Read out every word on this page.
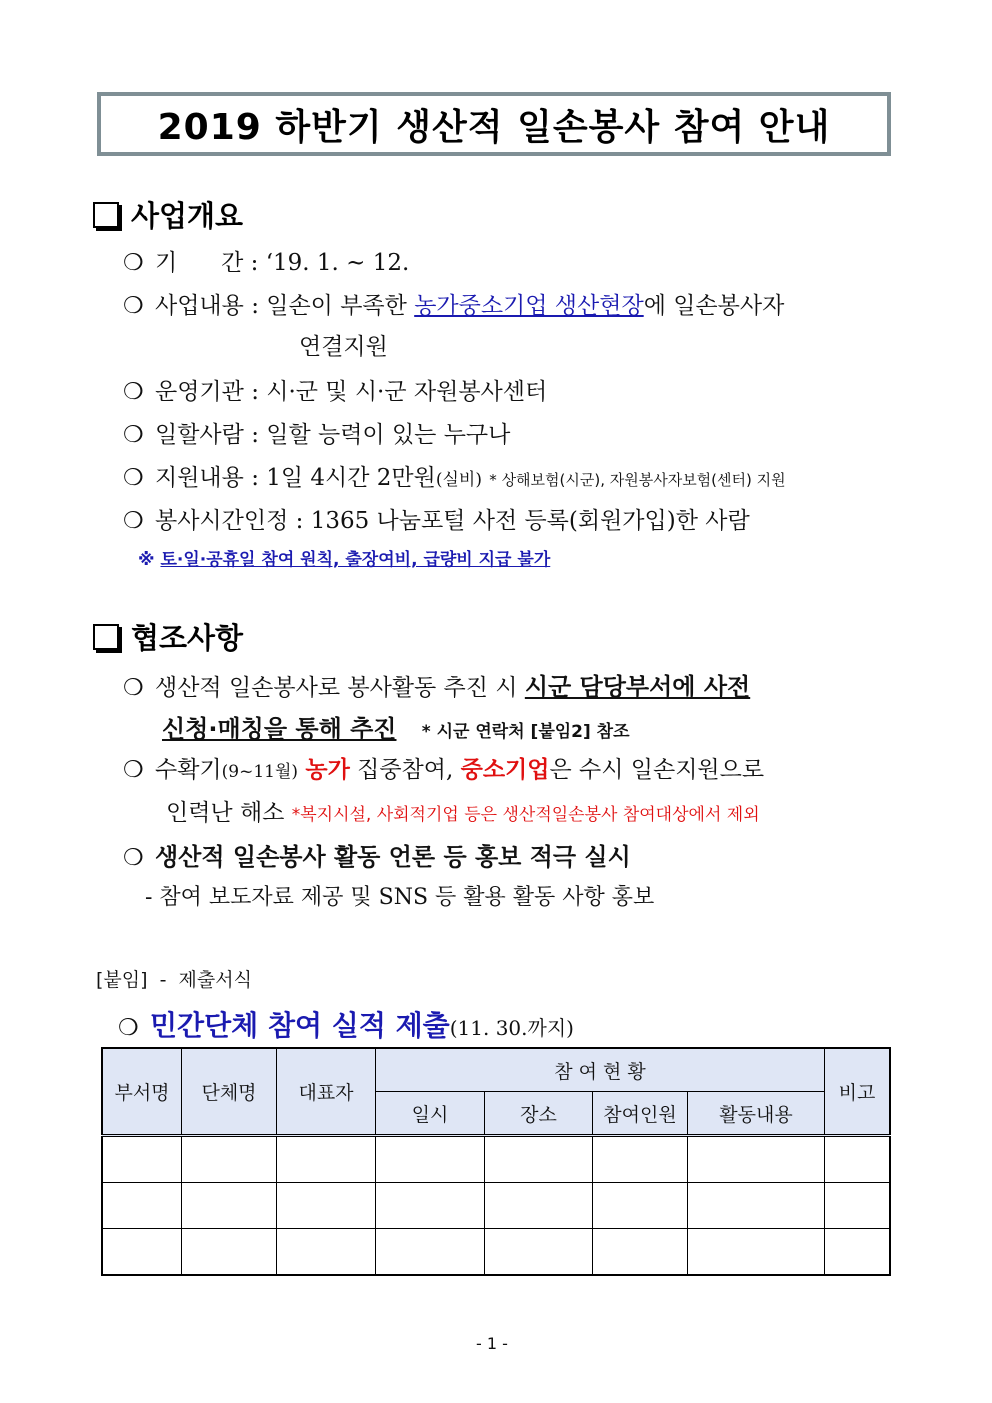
2019 하반기 생산적 일손봉사 참여 안내
사업개요
❍ 기      간 : ‘19. 1. ~ 12.
❍ 사업내용 : 일손이 부족한 농가중소기업 생산현장에 일손봉사자
연결지원
❍ 운영기관 : 시·군 및 시·군 자원봉사센터
❍ 일할사람 : 일할 능력이 있는 누구나
❍ 지원내용 : 1일 4시간 2만원(실비) * 상해보험(시군), 자원봉사자보험(센터) 지원
❍ 봉사시간인정 : 1365 나눔포털 사전 등록(회원가입)한 사람
※ 토·일·공휴일 참여 원칙, 출장여비, 급량비 지급 불가
협조사항
❍ 생산적 일손봉사로 봉사활동 추진 시 시군 담당부서에 사전
신청·매칭을 통해 추진 * 시군 연락처 [붙임2] 참조
❍ 수확기(9~11월) 농가 집중참여, 중소기업은 수시 일손지원으로
인력난 해소 *복지시설, 사회적기업 등은 생산적일손봉사 참여대상에서 제외
❍ 생산적 일손봉사 활동 언론 등 홍보 적극 실시
- 참여 보도자료 제공 및 SNS 등 활용 활동 사항 홍보
[붙임]  -  제출서식
❍ 민간단체 참여 실적 제출(11. 30.까지)
부서명	단체명	대표자	참 여 현 황				비고
			일시	장소	참여인원	활동내용	

- 1 -
